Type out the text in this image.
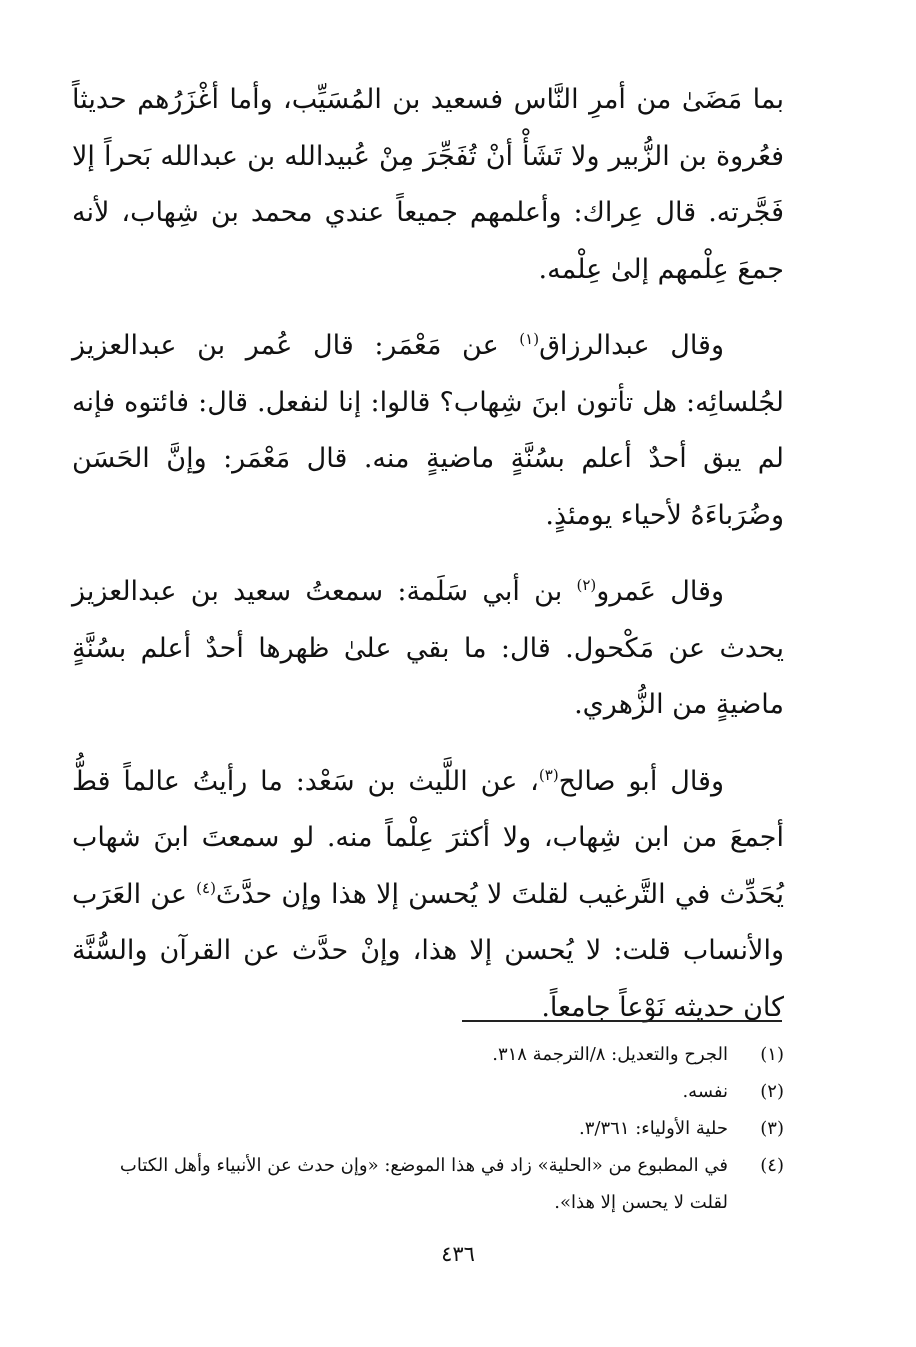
بما مَضَىٰ من أمرِ النَّاس فسعيد بن المُسَيِّب، وأما أغْزَرُهم حديثاً فعُروة بن الزُّبير ولا تَشَأْ أنْ تُفَجِّرَ مِنْ عُبيدالله بن عبدالله بَحراً إلا فَجَّرته. قال عِراك: وأعلمهم جميعاً عندي محمد بن شِهاب، لأنه جمعَ عِلْمهم إلىٰ عِلْمه.

وقال عبدالرزاق$^{(١)}$ عن مَعْمَر: قال عُمر بن عبدالعزيز لجُلسائِه: هل تأتون ابنَ شِهاب؟ قالوا: إنا لنفعل. قال: فائتوه فإنه لم يبق أحدٌ أعلم بسُنَّةٍ ماضيةٍ منه. قال مَعْمَر: وإنَّ الحَسَن وضُرَباءَهُ لأحياء يومئذٍ.

وقال عَمرو$^{(٢)}$ بن أبي سَلَمة: سمعتُ سعيد بن عبدالعزيز يحدث عن مَكْحول. قال: ما بقي علىٰ ظهرها أحدٌ أعلم بسُنَّةٍ ماضيةٍ من الزُّهري.

وقال أبو صالح$^{(٣)}$، عن اللَّيث بن سَعْد: ما رأيتُ عالماً قطُّ أجمعَ من ابن شِهاب، ولا أكثرَ عِلْماً منه. لو سمعتَ ابنَ شهاب يُحَدِّث في التَّرغيب لقلتَ لا يُحسن إلا هذا وإن حدَّثَ$^{(٤)}$ عن العَرَب والأنساب قلت: لا يُحسن إلا هذا، وإنْ حدَّث عن القرآن والسُّنَّة كان حديثه نَوْعاً جامعاً.

(١)
الجرح والتعديل: ٨/الترجمة ٣١٨.
(٢)
نفسه.
(٣)
حلية الأولياء: ٣/٣٦١.
(٤)
في المطبوع من «الحلية» زاد في هذا الموضع: «وإن حدث عن الأنبياء وأهل الكتاب لقلت لا يحسن إلا هذا».
٤٣٦
